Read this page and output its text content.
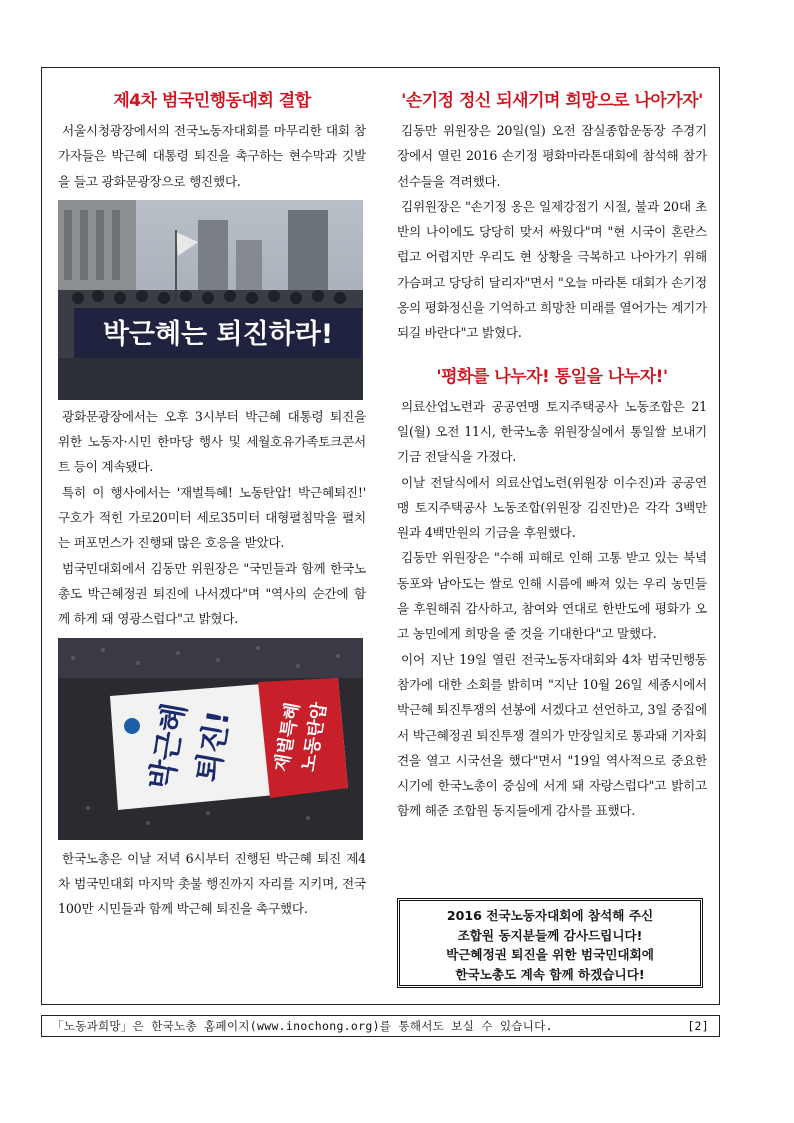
제4차 범국민행동대회 결합

서울시청광장에서의 전국노동자대회를 마무리한 대회 참가자들은 박근혜 대통령 퇴진을 촉구하는 현수막과 깃발을 들고 광화문광장으로 행진했다.

박근혜는 퇴진하라!

광화문광장에서는 오후 3시부터 박근혜 대통령 퇴진을 위한 노동자·시민 한마당 행사 및 세월호유가족토크콘서트 등이 계속됐다.

특히 이 행사에서는 '재벌특혜! 노동탄압! 박근혜퇴진!' 구호가 적힌 가로20미터 세로35미터 대형펼침막을 펼치는 퍼포먼스가 진행돼 많은 호응을 받았다.

범국민대회에서 김동만 위원장은 "국민들과 함께 한국노총도 박근혜정권 퇴진에 나서겠다"며 "역사의 순간에 함께 하게 돼 영광스럽다"고 밝혔다.

박근혜
퇴진! 재벌특혜
노동탄압

한국노총은 이날 저녁 6시부터 진행된 박근혜 퇴진 제4차 범국민대회 마지막 촛불 행진까지 자리를 지키며, 전국 100만 시민들과 함께 박근혜 퇴진을 촉구했다.

'손기정 정신 되새기며 희망으로 나아가자'

김동만 위원장은 20일(일) 오전 잠실종합운동장 주경기장에서 열린 2016 손기정 평화마라톤대회에 참석해 참가선수들을 격려했다.

김위원장은 "손기정 옹은 일제강점기 시절, 불과 20대 초반의 나이에도 당당히 맞서 싸웠다"며 "현 시국이 혼란스럽고 어렵지만 우리도 현 상황을 극복하고 나아가기 위해 가슴펴고 당당히 달리자"면서 "오늘 마라톤 대회가 손기정 옹의 평화정신을 기억하고 희망찬 미래를 열어가는 계기가 되길 바란다"고 밝혔다.

'평화를 나누자! 통일을 나누자!'

의료산업노련과 공공연맹 토지주택공사 노동조합은 21일(월) 오전 11시, 한국노총 위원장실에서 통일쌀 보내기 기금 전달식을 가졌다.

이날 전달식에서 의료산업노련(위원장 이수진)과 공공연맹 토지주택공사 노동조합(위원장 김진만)은 각각 3백만원과 4백만원의 기금을 후원했다.

김동만 위원장은 "수해 피해로 인해 고통 받고 있는 북녘 동포와 남아도는 쌀로 인해 시름에 빠져 있는 우리 농민들을 후원해줘 감사하고, 참여와 연대로 한반도에 평화가 오고 농민에게 희망을 줄 것을 기대한다"고 말했다.

이어 지난 19일 열린 전국노동자대회와 4차 범국민행동 참가에 대한 소회를 밝히며 "지난 10월 26일 세종시에서 박근혜 퇴진투쟁의 선봉에 서겠다고 선언하고, 3일 중집에서 박근혜정권 퇴진투쟁 결의가 만장일치로 통과돼 기자회견을 열고 시국선을 했다"면서 "19일 역사적으로 중요한 시기에 한국노총이 중심에 서게 돼 자랑스럽다"고 밝히고 함께 해준 조합원 동지들에게 감사를 표했다.

2016 전국노동자대회에 참석해 주신
조합원 동지분들께 감사드립니다!
박근혜정권 퇴진을 위한 범국민대회에
한국노총도 계속 함께 하겠습니다!
「노동과희망」은 한국노총 홈페이지(www.inochong.org)를 통해서도 보실 수 있습니다.	[2]
